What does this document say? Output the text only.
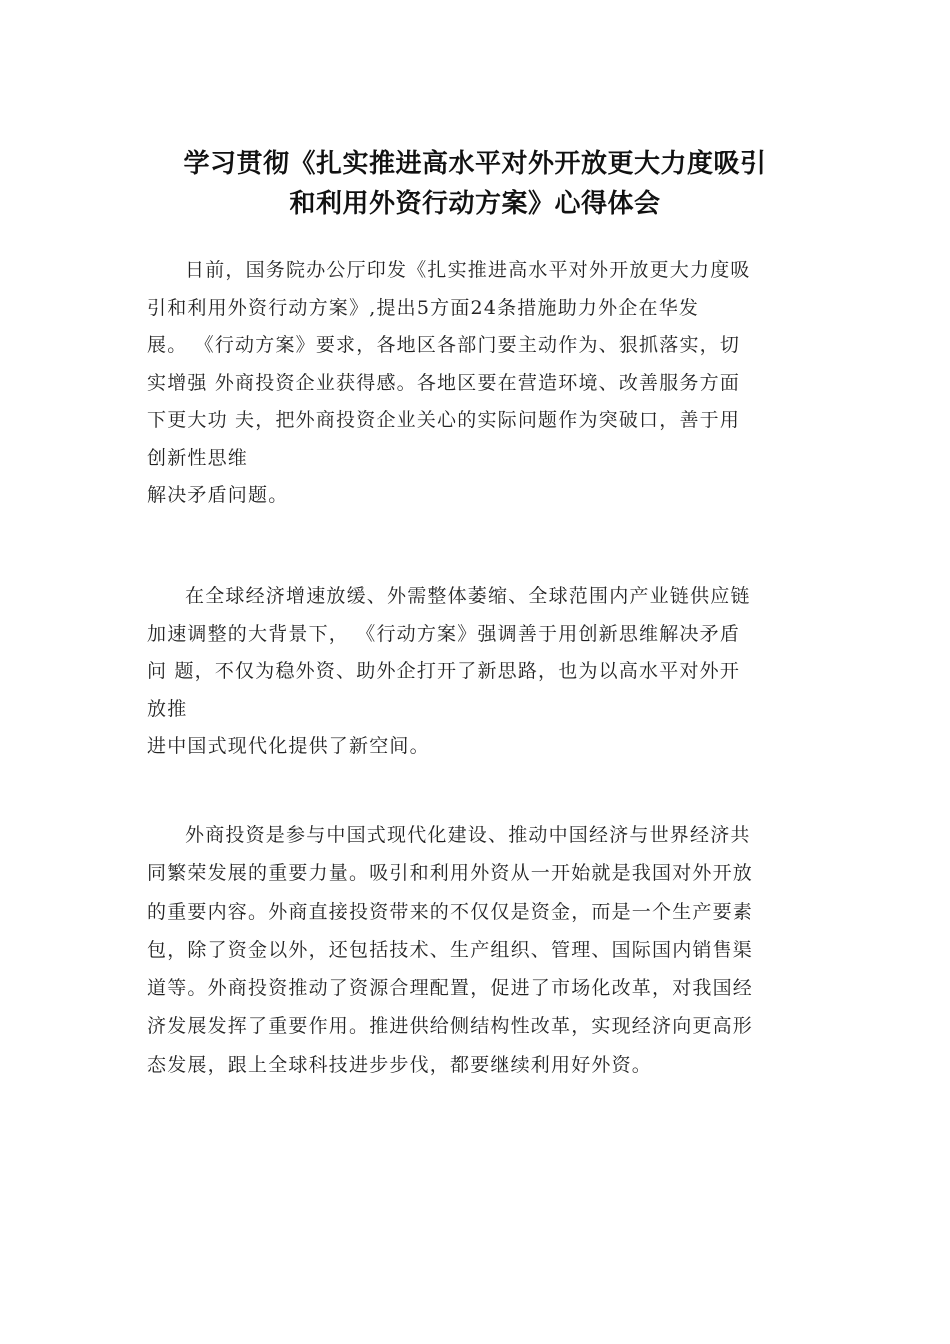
学习贯彻《扎实推进高水平对外开放更大力度吸引
和利用外资行动方案》心得体会
日前，国务院办公厅印发《扎实推进高水平对外开放更大力度吸
引和利用外资行动方案》,提出5方面24条措施助力外企在华发
展。 《行动方案》要求，各地区各部门要主动作为、狠抓落实，切
实增强 外商投资企业获得感。各地区要在营造环境、改善服务方面
下更大功 夫，把外商投资企业关心的实际问题作为突破口，善于用
创新性思维
解决矛盾问题。
在全球经济增速放缓、外需整体萎缩、全球范围内产业链供应链
加速调整的大背景下， 《行动方案》强调善于用创新思维解决矛盾
问 题，不仅为稳外资、助外企打开了新思路，也为以高水平对外开
放推
进中国式现代化提供了新空间。
外商投资是参与中国式现代化建设、推动中国经济与世界经济共
同繁荣发展的重要力量。吸引和利用外资从一开始就是我国对外开放
的重要内容。外商直接投资带来的不仅仅是资金，而是一个生产要素
包，除了资金以外，还包括技术、生产组织、管理、国际国内销售渠
道等。外商投资推动了资源合理配置，促进了市场化改革，对我国经
济发展发挥了重要作用。推进供给侧结构性改革，实现经济向更高形
态发展，跟上全球科技进步步伐，都要继续利用好外资。
